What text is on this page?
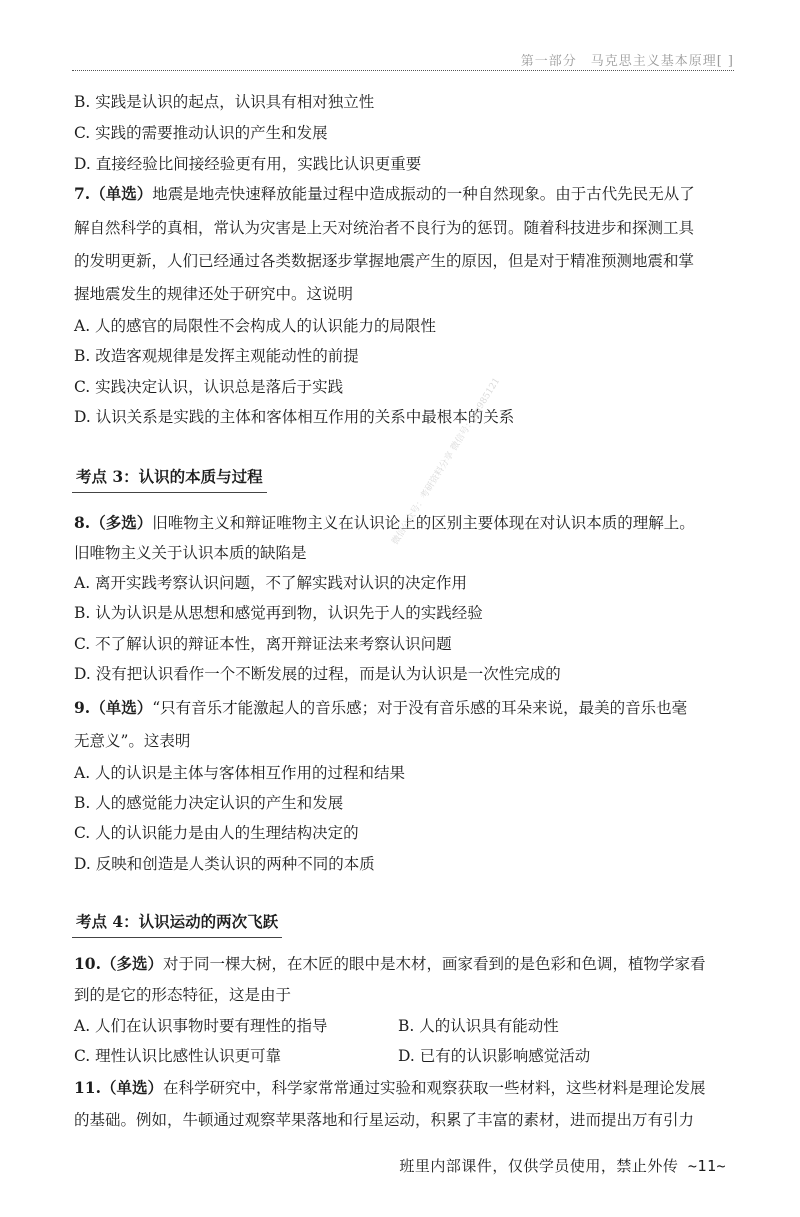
第一部分　马克思主义基本原理[ ]
B. 实践是认识的起点，认识具有相对独立性
C. 实践的需要推动认识的产生和发展
D. 直接经验比间接经验更有用，实践比认识更重要
7.（单选）地震是地壳快速释放能量过程中造成振动的一种自然现象。由于古代先民无从了
解自然科学的真相，常认为灾害是上天对统治者不良行为的惩罚。随着科技进步和探测工具
的发明更新，人们已经通过各类数据逐步掌握地震产生的原因，但是对于精准预测地震和掌
握地震发生的规律还处于研究中。这说明
A. 人的感官的局限性不会构成人的认识能力的局限性
B. 改造客观规律是发挥主观能动性的前提
C. 实践决定认识，认识总是落后于实践
D. 认识关系是实践的主体和客体相互作用的关系中最根本的关系
考点 3：认识的本质与过程
8.（多选）旧唯物主义和辩证唯物主义在认识论上的区别主要体现在对认识本质的理解上。
旧唯物主义关于认识本质的缺陷是
A. 离开实践考察认识问题，不了解实践对认识的决定作用
B. 认为认识是从思想和感觉再到物，认识先于人的实践经验
C. 不了解认识的辩证本性，离开辩证法来考察认识问题
D. 没有把认识看作一个不断发展的过程，而是认为认识是一次性完成的
9.（单选）“只有音乐才能激起人的音乐感；对于没有音乐感的耳朵来说，最美的音乐也毫
无意义”。这表明
A. 人的认识是主体与客体相互作用的过程和结果
B. 人的感觉能力决定认识的产生和发展
C. 人的认识能力是由人的生理结构决定的
D. 反映和创造是人类认识的两种不同的本质
考点 4：认识运动的两次飞跃
10.（多选）对于同一棵大树，在木匠的眼中是木材，画家看到的是色彩和色调，植物学家看
到的是它的形态特征，这是由于
A. 人们在认识事物时要有理性的指导	B. 人的认识具有能动性
C. 理性认识比感性认识更可靠	D. 已有的认识影响感觉活动
11.（单选）在科学研究中，科学家常常通过实验和观察获取一些材料，这些材料是理论发展
的基础。例如，牛顿通过观察苹果落地和行星运动，积累了丰富的素材，进而提出万有引力
微信公众号：考研资料分享 微信号：jyq985121
班里内部课件，仅供学员使用，禁止外传 ~11~
